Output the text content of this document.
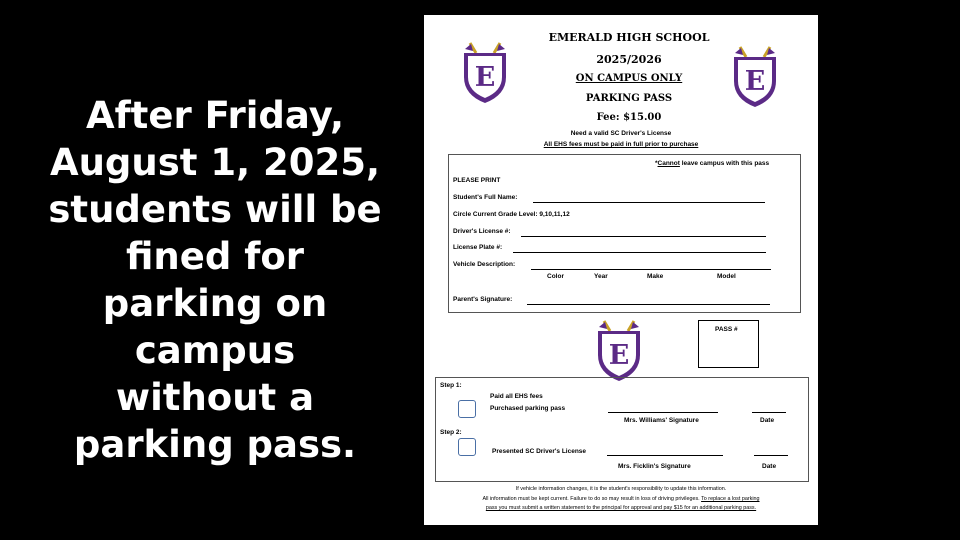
After Friday,
August 1, 2025,
students will be
fined for
parking on
campus
without a
parking pass.
E	E
E
EMERALD HIGH SCHOOL
2025/2026
ON CAMPUS ONLY
PARKING PASS
Fee: $15.00
Need a valid SC Driver's License
All EHS fees must be paid in full prior to purchase
*Cannot leave campus with this pass
PLEASE PRINT
Student's Full Name:
Circle Current Grade Level: 9,10,11,12
Driver's License #:
License Plate #:
Vehicle Description:
Color	Year	Make	Model
Parent's Signature:
PASS #
Step 1:
Paid all EHS fees
Purchased parking pass
Mrs. Williams' Signature	Date
Step 2:
Presented SC Driver's License
Mrs. Ficklin's Signature	Date
If vehicle information changes, it is the student's responsibility to update this information.
All information must be kept current. Failure to do so may result in loss of driving privileges. To replace a lost parking
pass you must submit a written statement to the principal for approval and pay $15 for an additional parking pass.
